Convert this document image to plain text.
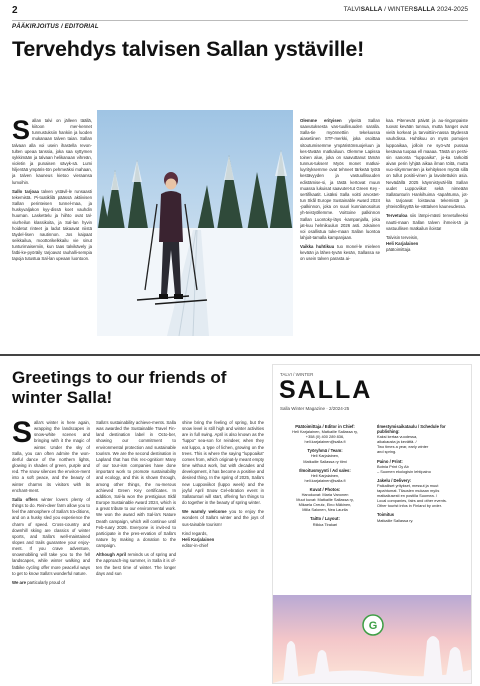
2	TALVISALLA / WINTERSALLA 2024-2025
PÄÄKIRJOITUS / EDITORIAL
Tervehdys talvisen Sallan ystäville!

Sallan talvi on jälleen täällä, kiitoon mer-kennet tunnustuksiin hankiin ja luoden mukanaan talven taian. Sallan talvaan alla voi usein ihastella revon-tulten upeaa tanssia, joka saa syttymen sykkimään ja talvaan helikanaan vihreän, violetin ja punaisen sävyk-sä. Lumi hiljentää ympäris-tön pehmeäksi mahaan, ja talven kauneus kietoo vieraansa lumoihin.

Sallo tarjoaa talven ystävil-le runsaasti tekemistä. Pi-toatiklilä päässä aktiivisen Sallan perinteisen tunnel-maa, ja huskyvaljakon kyy-dissä koet vauhdin huuman. Laskettelu ja hiihto ovat tal-viurheilun klassikoita, ja Sal-lan hyvin hoidetut rinteet ja ladut takaavat niistä täydel-lisen nautinnon. Jos kaipaat seikkailua, moottorikelkkailu vie sinut tunturimaisemiin, kun taas talvikävely ja fatbi-ke-pyöräily tarjoavat rauhalli-sempia tapoja tutustua Sal-lan upeaan luontoon.

Olemme erityisen ylpeitä Sallan saavutuksesta vas-tuullisuuden saralla. Salla-tie myönnettiin tekeluussa aiasetiinen STF-merkki, joka osoittaa sitoutumisemme ympäristönsuojeluun ja kes-tävään matkailuun. Olemme Lapissa toinen alue, joka on saavuttanut tämän tunnus-tuksen! Myös monet matkai-luyrityksemme ovat tehneet tärkeää työtä kestävyyden ja vastuullisuuden edistämise-si, ja tästä kertovat muun muassa lukuisat saavutet-tut Green Key -sertifikaatit. Lisäksi Salla voitti arvostet-tun Skål Europe Sustainable Award 2024 -palkinnon, joka on suuri kunnianosoitus yh-teistyöllemme. Voittoine palkinnon Sallan Luontoky-läys -kampanjalla, joka jat-kuu helmikuulun 2026 asti. Jokainen voi osallistua tuke-maan Sallan luontoa lahjoit-tamalla kampanjaan.

Vaikka huhtikuu tuo monel-le mieleen kevään ja lähes-tyvän kesän, Sallassa se on usein talven parasta ai-

kaa. Pitenevät päivät ja au-ringonpaiste tuovat kevään tunnua, mutta hanget ovat vielä korkeat ja tarvoittiin-nassa täydessä vauhdissa. Huhtikuu on myös pomojen luppoaikaa, jolloin ne syö-vät pussaa kesävaa tuopaa ell maaaa. Tästä on peräi-sin sanonta "luppoaika", jo-ka tarkoitti aivan perin lyhjää aikaa ilman töitä, mutta vuo-sikymmenten ja kehityksen myötä sillä on tullut positii-vinen ja lavoitettukin asia. Nevädällä 2025 käynnistyväl-lilä Sallan uudet Luppoviikot sekä nimeään Sallatunturin Hankihuima -tapahtuma, jot-ka tarjoavat loistavaa tekemistä ja yhteisöllisyyttä ke-vättalven kauneudessa.

Tervetuloa siis lämpi-mästi tervetulleeksi nautti-maan Sallan talven ihmeis-tä ja vastuullisen matkailun iloista!

Talvisin terveisin,

Heli Karjalainen

päätoimittaja

Greetings to our friends of
winter Salla!

Salla's winter is here again, wrapping the landscapes in snow-white scenes and bringing with it the magic of winter. Under the sky of Salla, you can often admire the won-derful dance of the northern lights, glowing in shades of green, purple and red. The snow silences the environ-ment into a soft peace, and the beauty of winter charms its visitors with its enchant-ment.

Salla offers winter lovers plenty of things to do. Rein-deer farm allow you to feel the atmosphere of Salla's tra-ditions, and on a husky sled you experience the charm of speed. Cross-country and downhill skiing are classics of winter sports, and Salla's well-maintained slopes and trails guarantee your enjoy-ment. If you crave adventure, snowmobiling will take you to the fell landscapes, while winter walking and fatbike cycling offer more peaceful ways to get to know Salla's wonderful nature.

We are particularly proud of

Salla's sustainability achieve-ments. Salla was awarded the Sustainable Travel Fin-land destination label in Octo-ber, showing our commitment to environmental protection and sustainable tourism. We are the second destination in Lapland that has this rec-ognition! Many of our tour-ism companies have done important work to promote sustainability and ecology, and this is shown through, among other things, the nu-merous achieved Green Key certificates. In addition, Sal-la won the prestigious Skål Europe Sustainable Award 2024, which is a great tribute to our environmental work. We won the award with Sal-la's Nature Death campaign, which will continue until Feb-ruary 2026. Everyone is invit-ed to participate in the pres-ervation of Salla's nature by making a donation to the campaign.

Although April reminds us of spring and the approach-ing summer, in Salla it is of-ten the best time of winter. The longer days and sun

shine bring the feeling of spring, but the snow level is still high and winter activities are in full swing. April is also known as the "luppo" sea-son for reindeer, when they eat luppo, a type of lichen, growing on the trees. This is where the saying "luppoaika" comes from, which originat-ly meant empty time without work, but with decades and development, it has become a positive and desired thing. In the spring of 2025, Salla's new Luppoviikot (luppo week) and the joyful April Snow Cel-ebration event in Sallatunturi will start, offering fun things to do together in the beauty of spring winter.

We warmly welcome you to enjoy the wonders of Salla's winter and the joys of sus-tainable tourism!

Kind regards,

Heli Karjalainen

editor-in-chief

TALVI / WINTER
SALLA
Salla Winter Magazine · 2/2024-25
Päätoimittaja / Editor in Chief:
Heli Karjalainen, Matkailie Sallassa ry,
+358 (0) 400 289 836,
heli.karjalainen@salla.fi
Työryhmä / Team:
Heli Karjalainen,
Matkailie Sallassa ry tiimi
Ilmoitusmyynti / Ad sales:
Heli Karjalainen,
heli.karjalainen@salla.fi
Kuvat / Photos:
Hanokuvat: Maria Vanonen
Muut kuvat: Matkailie Sallassa ry,
Mikaela Creutz, Eino Mäkinen,
Miila Salonen, Nea Laurila
Taitto / Layout:
Riikka Tirakari
Ilmestymisaikataulu / Schedule for publishing:
Kaksi kertaa vuodessa,
aikakausta ja kevättä. /
Two times a year, early winter
and spring.
Paino / Print:
Botnia Print Oy Ab
– Suomen ekologisin lehtipaino
Jakelu / Delivery:
Paikalliset yritykset, messut ja muut
tapahtumat. Tilauslen mukaan myös
matkailusesti en postilla Suomea. /
Local companies, fairs and other events.
Other tourist infos in Finland by order.
Toimitus
Matkailie Sallassa ry.
G
